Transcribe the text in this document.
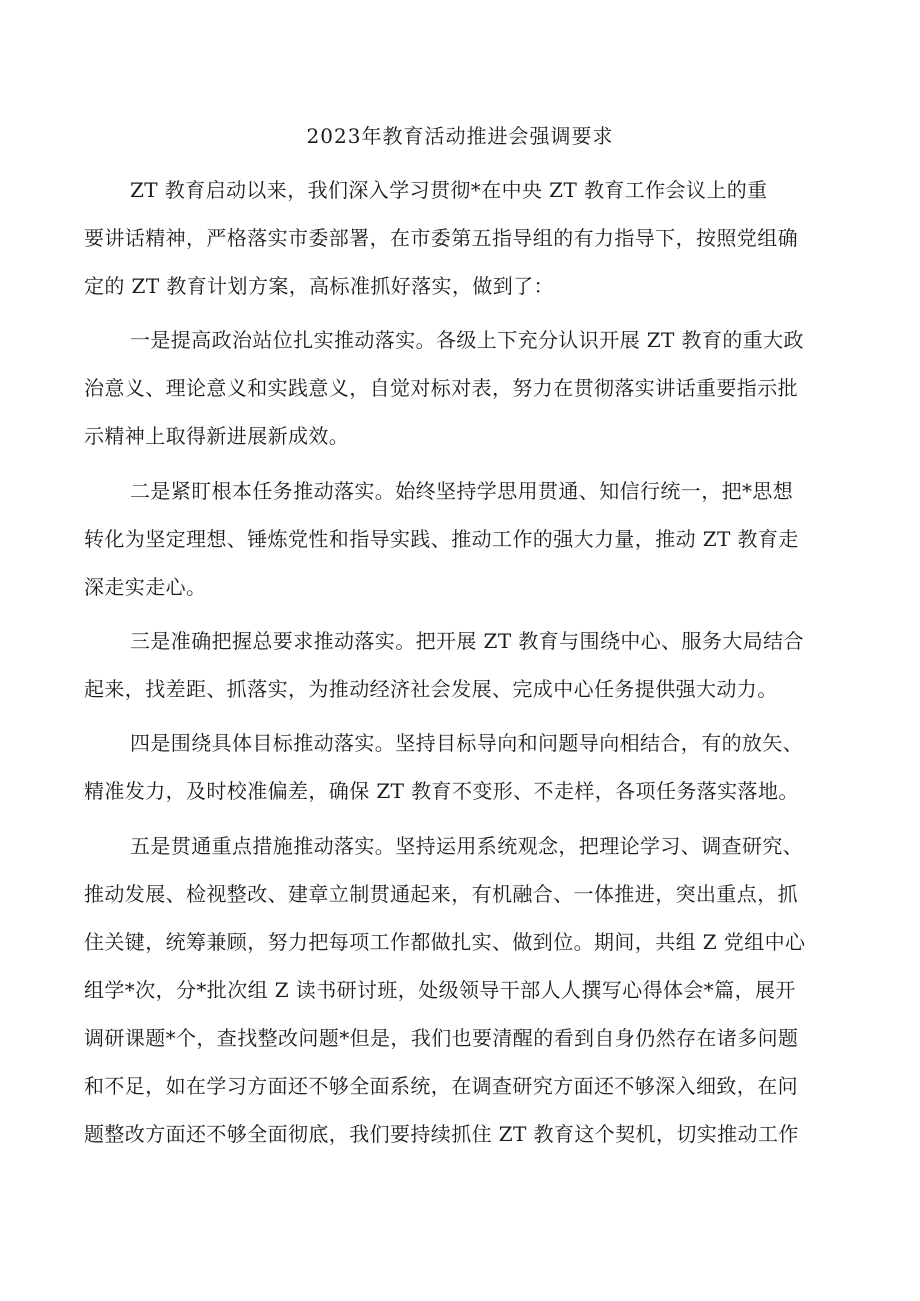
2023年教育活动推进会强调要求
ZT 教育启动以来，我们深入学习贯彻*在中央 ZT 教育工作会议上的重
要讲话精神，严格落实市委部署，在市委第五指导组的有力指导下，按照党组确
定的 ZT 教育计划方案，高标准抓好落实，做到了：
一是提高政治站位扎实推动落实。各级上下充分认识开展 ZT 教育的重大政
治意义、理论意义和实践意义，自觉对标对表，努力在贯彻落实讲话重要指示批
示精神上取得新进展新成效。
二是紧盯根本任务推动落实。始终坚持学思用贯通、知信行统一，把*思想
转化为坚定理想、锤炼党性和指导实践、推动工作的强大力量，推动 ZT 教育走
深走实走心。
三是准确把握总要求推动落实。把开展 ZT 教育与围绕中心、服务大局结合
起来，找差距、抓落实，为推动经济社会发展、完成中心任务提供强大动力。
四是围绕具体目标推动落实。坚持目标导向和问题导向相结合，有的放矢、
精准发力，及时校准偏差，确保 ZT 教育不变形、不走样，各项任务落实落地。
五是贯通重点措施推动落实。坚持运用系统观念，把理论学习、调查研究、
推动发展、检视整改、建章立制贯通起来，有机融合、一体推进，突出重点，抓
住关键，统筹兼顾，努力把每项工作都做扎实、做到位。期间，共组 Z 党组中心
组学*次，分*批次组 Z 读书研讨班，处级领导干部人人撰写心得体会*篇，展开
调研课题*个，查找整改问题*但是，我们也要清醒的看到自身仍然存在诸多问题
和不足，如在学习方面还不够全面系统，在调查研究方面还不够深入细致，在问
题整改方面还不够全面彻底，我们要持续抓住 ZT 教育这个契机，切实推动工作
